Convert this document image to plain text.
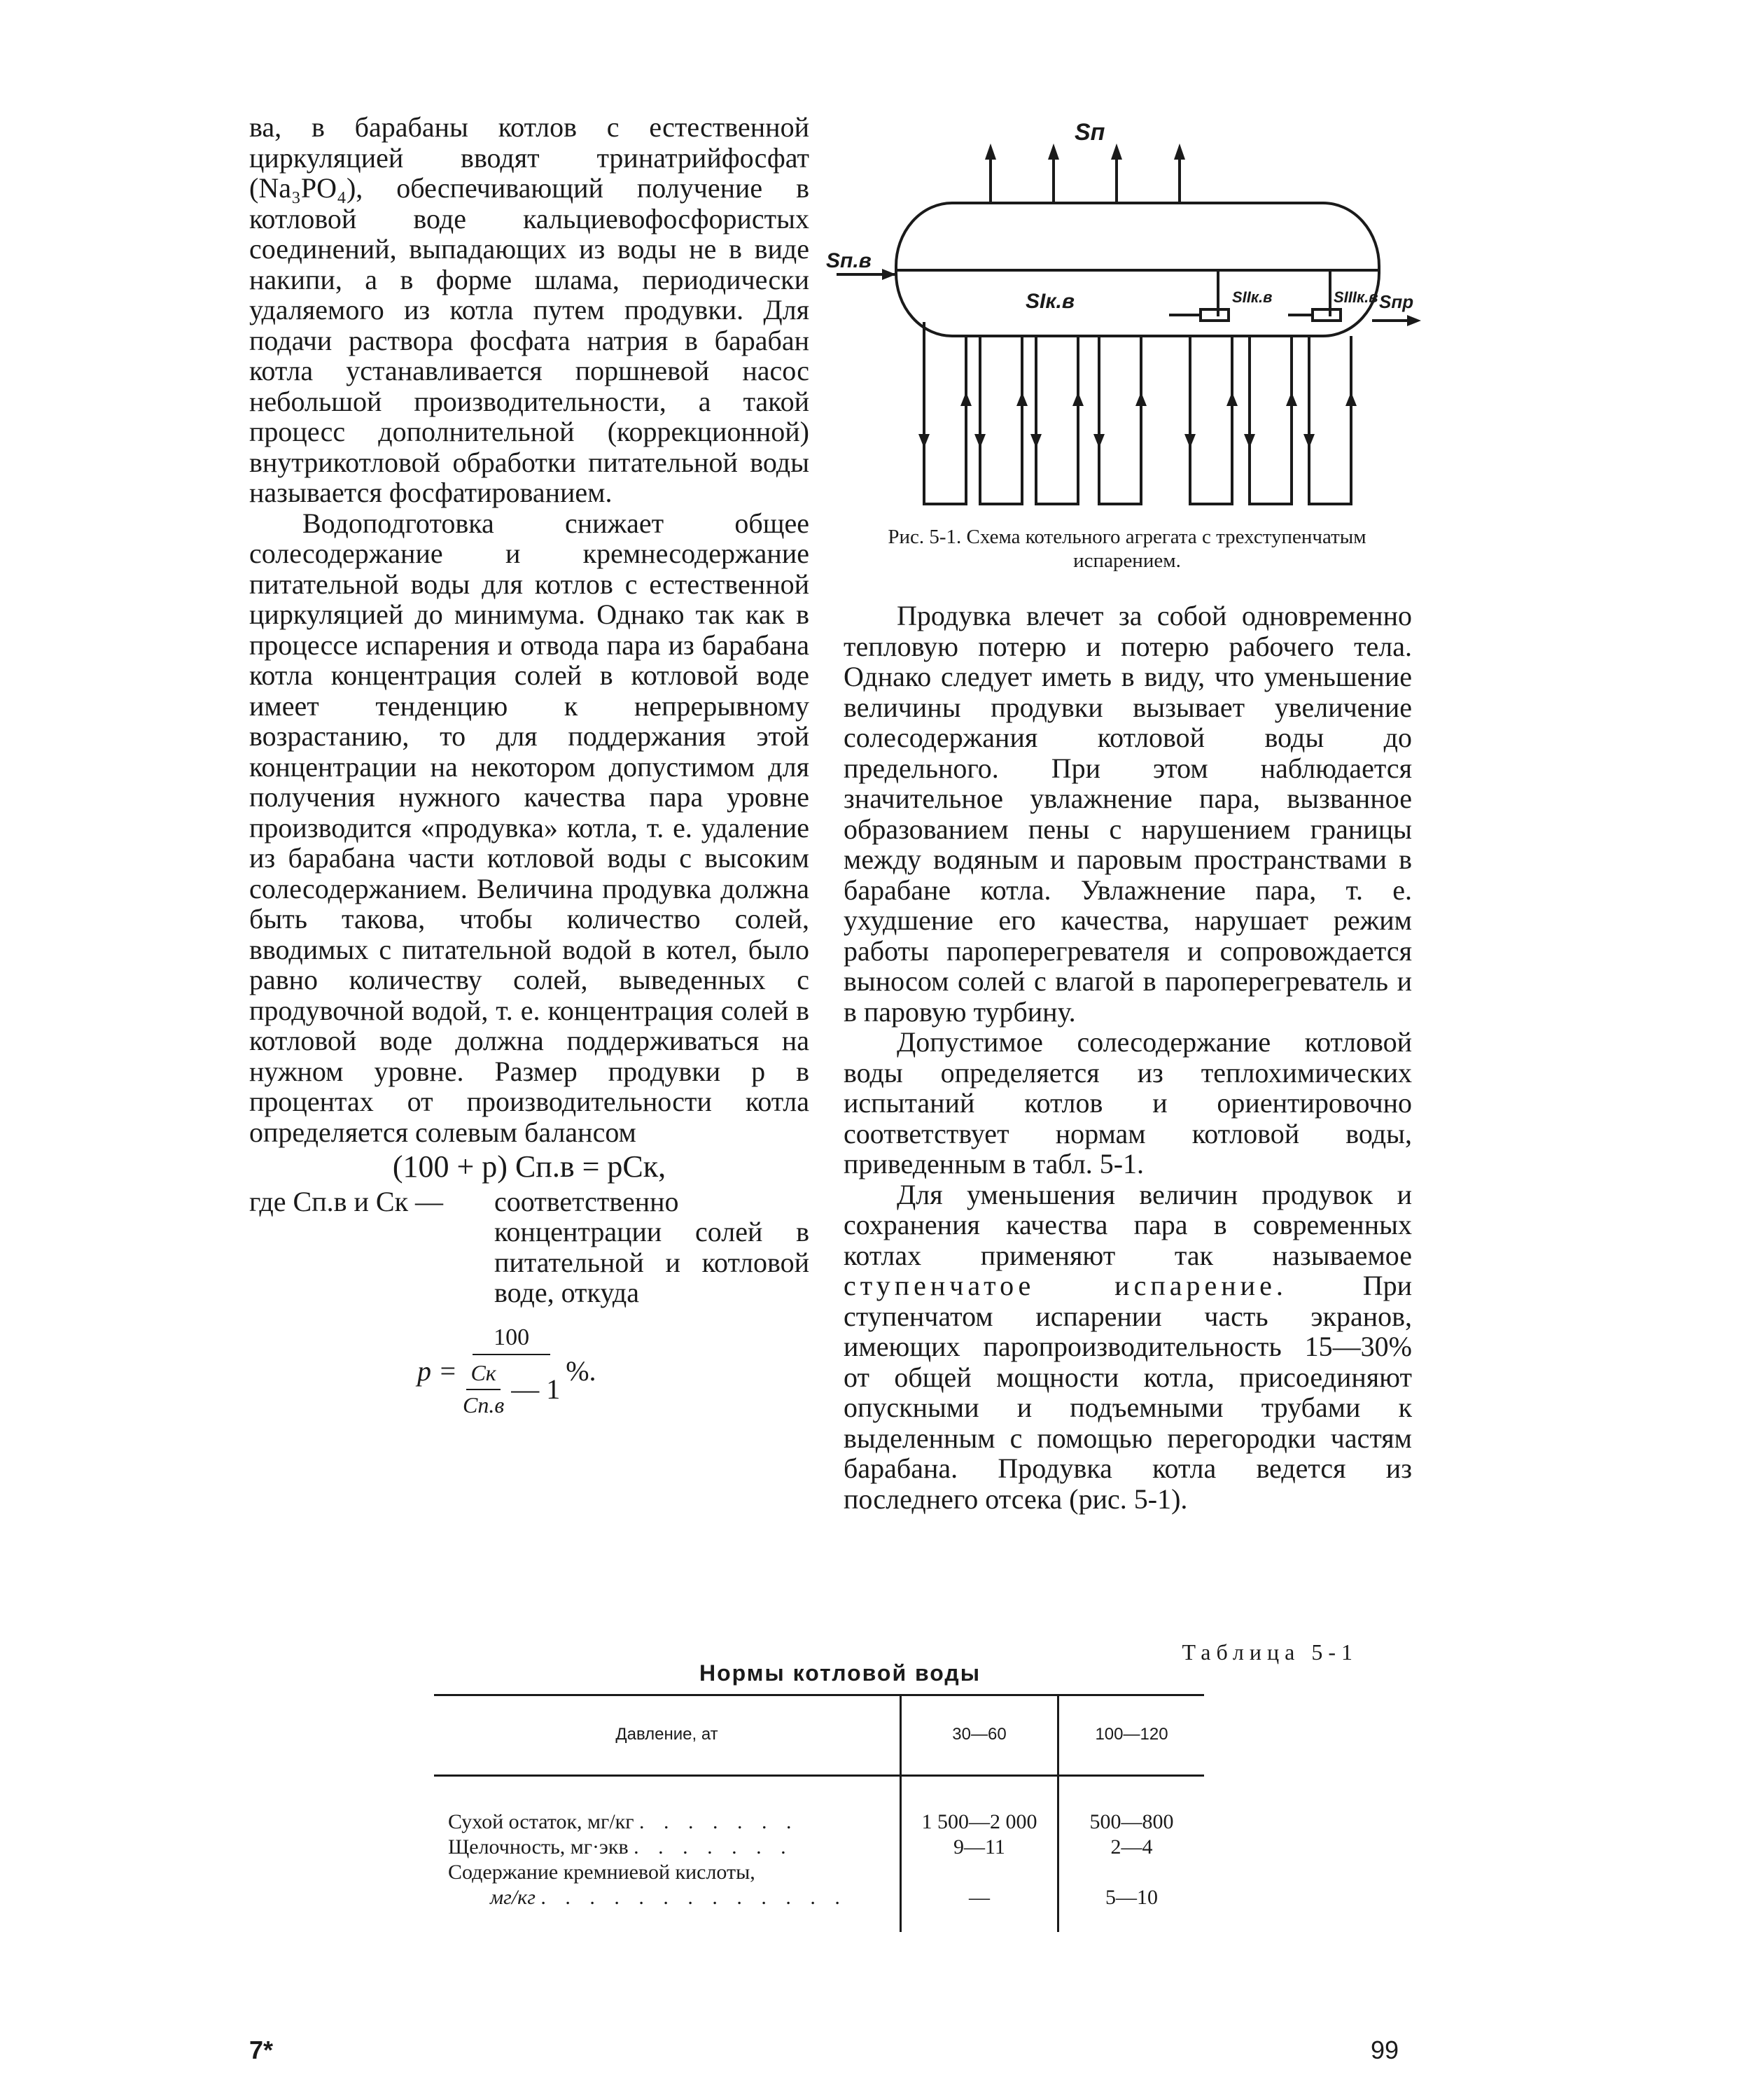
ва, в барабаны котлов с естественной циркуляцией вводят тринатрийфосфат (Na₃PO₄), обеспечивающий получение в котловой воде кальциевофосфористых соединений, выпадающих из воды не в виде накипи, а в форме шлама, периодически удаляемого из котла путем продувки. Для подачи раствора фосфата натрия в барабан котла устанавливается поршневой насос небольшой производительности, а такой процесс дополнительной (коррекционной) внутрикотловой обработки питательной воды называется фосфатированием.

Водоподготовка снижает общее солесодержание и кремнесодержание питательной воды для котлов с естественной циркуляцией до минимума. Однако так как в процессе испарения и отвода пара из барабана котла концентрация солей в котловой воде имеет тенденцию к непрерывному возрастанию, то для поддержания этой концентрации на некотором допустимом для получения нужного качества пара уровне производится «продувка» котла, т. е. удаление из барабана части котловой воды с высоким солесодержанием. Величина продувка должна быть такова, чтобы количество солей, вводимых с питательной водой в котел, было равно количеству солей, выведенных с продувочной водой, т. е. концентрация солей в котловой воде должна поддерживаться на нужном уровне. Размер продувки p в процентах от производительности котла определяется солевым балансом

(100 + p) Cп.в = pCк,
где Cп.в и Cк —	соответственно концентрации солей в питательной и котловой воде, откуда
p = 100
Cк
Cп.в — 1 %.
Sп
Sп.в
SIк.в	SIIк.в	SIIIк.в Sпр
Рис. 5-1. Схема котельного агрегата с трехступенчатым испарением.

Продувка влечет за собой одновременно тепловую потерю и потерю рабочего тела. Однако следует иметь в виду, что уменьшение величины продувки вызывает увеличение солесодержания котловой воды до предельного. При этом наблюдается значительное увлажнение пара, вызванное образованием пены с нарушением границы между водяным и паровым пространствами в барабане котла. Увлажнение пара, т. е. ухудшение его качества, нарушает режим работы пароперегревателя и сопровождается выносом солей с влагой в пароперегреватель и в паровую турбину.

Допустимое солесодержание котловой воды определяется из теплохимических испытаний котлов и ориентировочно соответствует нормам котловой воды, приведенным в табл. 5-1.

Для уменьшения величин продувок и сохранения качества пара в современных котлах применяют так называемое ступенчатое испарение.	При ступенчатом испарении часть экранов, имеющих паропроизводительность 15—30% от общей мощности котла, присоединяют опускными и подъемными трубами к выделенным с помощью перегородки частям барабана. Продувка котла ведется из последнего отсека (рис. 5-1).

Таблица 5-1
Нормы котловой воды
Давление, ат	30—60	100—120
Сухой остаток, мг/кг . . . . . . .	1 500—2 000	500—800
Щелочность, мг·экв . . . . . . .	9—11	2—4
Содержание кремниевой кислоты,
мг/кг . . . . . . . . . . . . .	—	5—10
7*	99
